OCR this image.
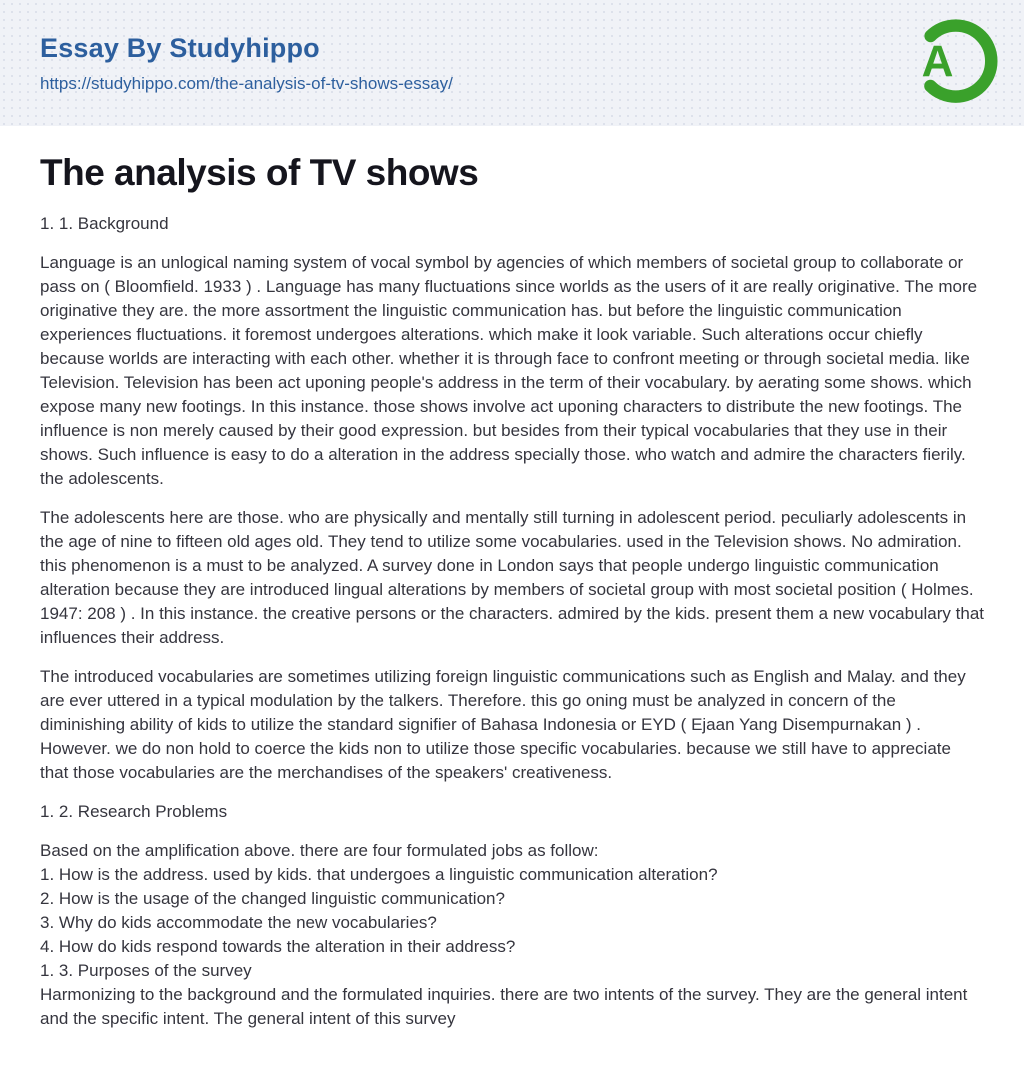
Essay By Studyhippo
https://studyhippo.com/the-analysis-of-tv-shows-essay/	A
The analysis of TV shows

1. 1. Background

Language is an unlogical naming system of vocal symbol by agencies of which members of societal group to collaborate or pass on ( Bloomfield. 1933 ) . Language has many fluctuations since worlds as the users of it are really originative. The more originative they are. the more assortment the linguistic communication has. but before the linguistic communication experiences fluctuations. it foremost undergoes alterations. which make it look variable. Such alterations occur chiefly because worlds are interacting with each other. whether it is through face to confront meeting or through societal media. like Television. Television has been act uponing people's address in the term of their vocabulary. by aerating some shows. which expose many new footings. In this instance. those shows involve act uponing characters to distribute the new footings. The influence is non merely caused by their good expression. but besides from their typical vocabularies that they use in their shows. Such influence is easy to do a alteration in the address specially those. who watch and admire the characters fierily. the adolescents.

The adolescents here are those. who are physically and mentally still turning in adolescent period. peculiarly adolescents in the age of nine to fifteen old ages old. They tend to utilize some vocabularies. used in the Television shows. No admiration. this phenomenon is a must to be analyzed. A survey done in London says that people undergo linguistic communication alteration because they are introduced lingual alterations by members of societal group with most societal position ( Holmes. 1947: 208 ) . In this instance. the creative persons or the characters. admired by the kids. present them a new vocabulary that influences their address.

The introduced vocabularies are sometimes utilizing foreign linguistic communications such as English and Malay. and they are ever uttered in a typical modulation by the talkers. Therefore. this go oning must be analyzed in concern of the diminishing ability of kids to utilize the standard signifier of Bahasa Indonesia or EYD ( Ejaan Yang Disempurnakan ) . However. we do non hold to coerce the kids non to utilize those specific vocabularies. because we still have to appreciate that those vocabularies are the merchandises of the speakers' creativeness.

1. 2. Research Problems

Based on the amplification above. there are four formulated jobs as follow:
1. How is the address. used by kids. that undergoes a linguistic communication alteration?
2. How is the usage of the changed linguistic communication?
3. Why do kids accommodate the new vocabularies?
4. How do kids respond towards the alteration in their address?
1. 3. Purposes of the survey
Harmonizing to the background and the formulated inquiries. there are two intents of the survey. They are the general intent and the specific intent. The general intent of this survey
